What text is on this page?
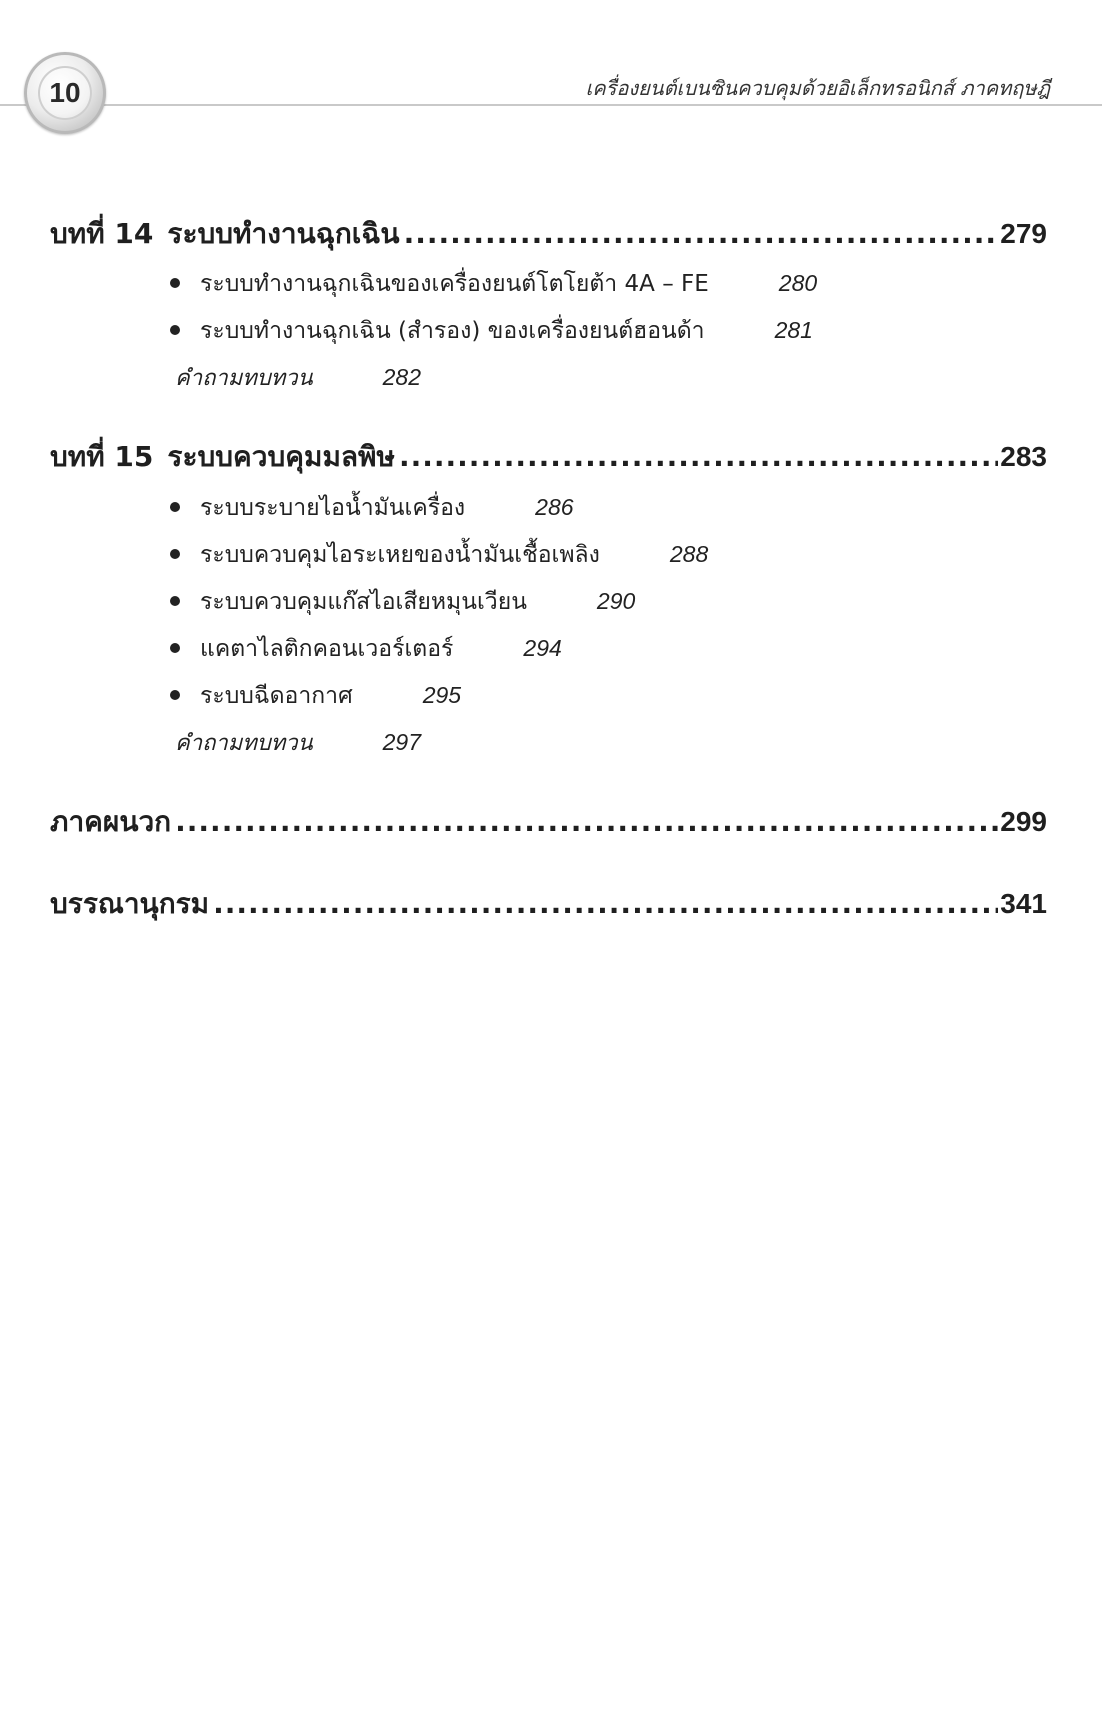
10	เครื่องยนต์เบนซินควบคุมด้วยอิเล็กทรอนิกส์ ภาคทฤษฎี
บทที่ 14 ระบบทำงานฉุกเฉิน .....	279
ระบบทำงานฉุกเฉินของเครื่องยนต์โตโยต้า 4A – FE	280
ระบบทำงานฉุกเฉิน (สำรอง) ของเครื่องยนต์ฮอนด้า	281
คำถามทบทวน	282
บทที่ 15 ระบบควบคุมมลพิษ .....	283
ระบบระบายไอน้ำมันเครื่อง	286
ระบบควบคุมไอระเหยของน้ำมันเชื้อเพลิง	288
ระบบควบคุมแก๊สไอเสียหมุนเวียน	290
แคตาไลติกคอนเวอร์เตอร์	294
ระบบฉีดอากาศ	295
คำถามทบทวน	297
ภาคผนวก .....	299
บรรณานุกรม .....	341
